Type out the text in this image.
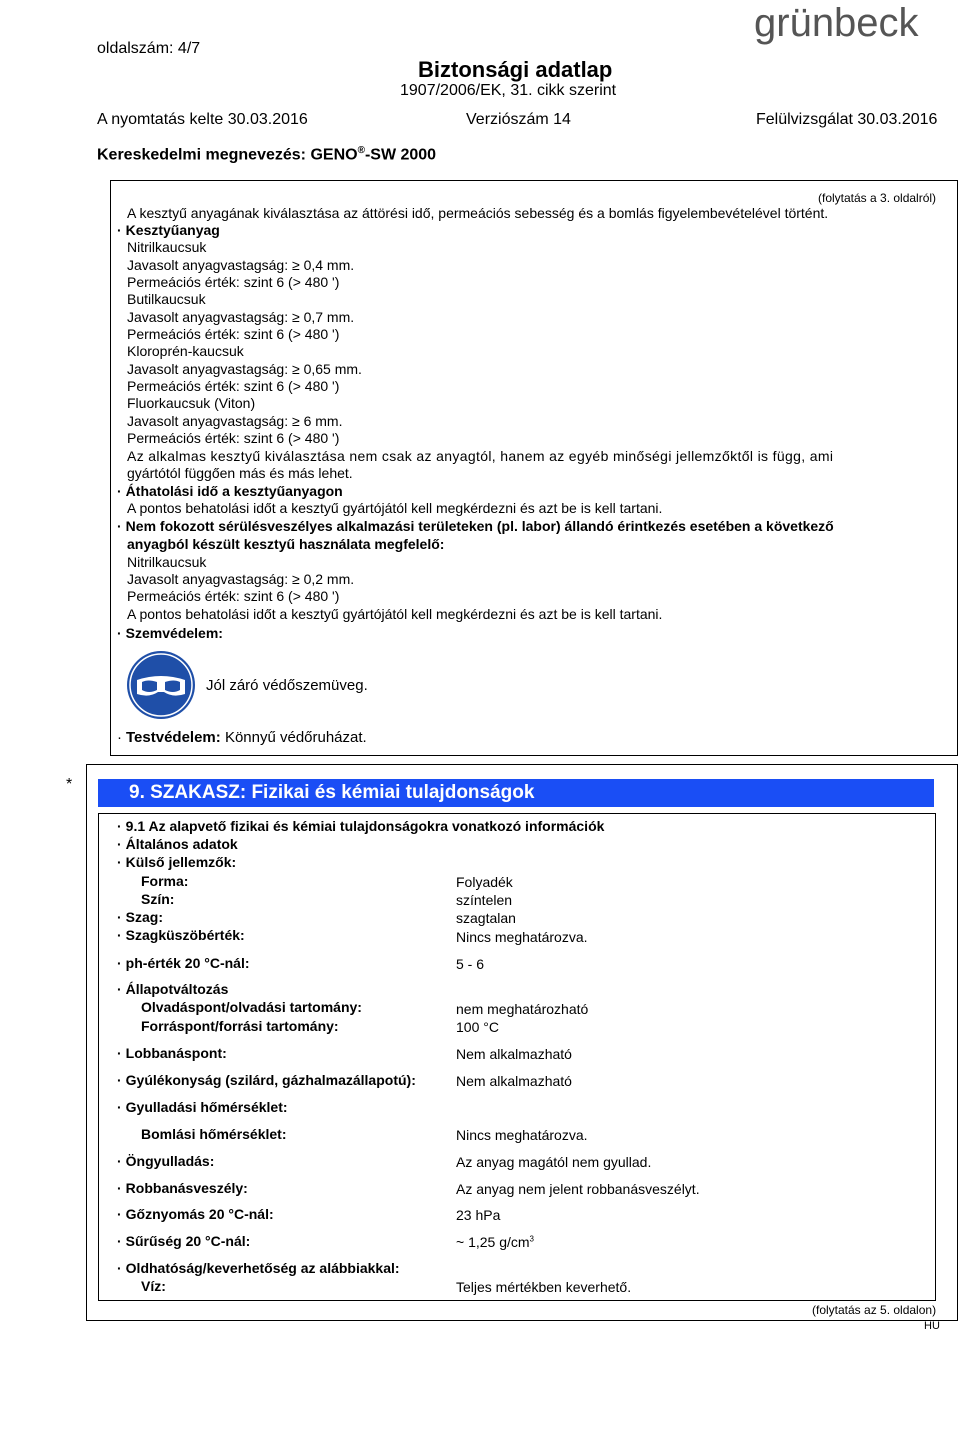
oldalszám: 4/7
Biztonsági adatlap
1907/2006/EK, 31. cikk szerint
A nyomtatás kelte 30.03.2016	Verziószám 14	Felülvizsgálat 30.03.2016
Kereskedelmi megnevezés: GENO®-SW 2000
grünbeck
(folytatás a 3. oldalról)
A kesztyű anyagának kiválasztása az áttörési idő, permeációs sebesség és a bomlás figyelembevételével történt.
· Kesztyűanyag
Nitrilkaucsuk
Javasolt anyagvastagság: ≥ 0,4 mm.
Permeációs érték: szint 6 (> 480 ')
Butilkaucsuk
Javasolt anyagvastagság: ≥ 0,7 mm.
Permeációs érték: szint 6 (> 480 ')
Kloroprén-kaucsuk
Javasolt anyagvastagság: ≥ 0,65 mm.
Permeációs érték: szint 6 (> 480 ')
Fluorkaucsuk (Viton)
Javasolt anyagvastagság: ≥ 6 mm.
Permeációs érték: szint 6 (> 480 ')
Az alkalmas kesztyű kiválasztása nem csak az anyagtól, hanem az egyéb minőségi jellemzőktől is függ, ami
gyártótól függően más és más lehet.
· Áthatolási idő a kesztyűanyagon
A pontos behatolási időt a kesztyű gyártójától kell megkérdezni és azt be is kell tartani.
· Nem fokozott sérülésveszélyes alkalmazási területeken (pl. labor) állandó érintkezés esetében a következő
anyagból készült kesztyű használata megfelelő:
Nitrilkaucsuk
Javasolt anyagvastagság: ≥ 0,2 mm.
Permeációs érték: szint 6 (> 480 ')
A pontos behatolási időt a kesztyű gyártójától kell megkérdezni és azt be is kell tartani.
· Szemvédelem:
Jól záró védőszemüveg.
· Testvédelem: Könnyű védőruházat.
*	9. SZAKASZ: Fizikai és kémiai tulajdonságok
· 9.1 Az alapvető fizikai és kémiai tulajdonságokra vonatkozó információk
· Általános adatok
· Külső jellemzők:
Forma:	Folyadék
Szín:	színtelen
· Szag:	szagtalan
· Szagküszöbérték:	Nincs meghatározva.
· ph-érték 20 °C-nál:	5 - 6
· Állapotváltozás
Olvadáspont/olvadási tartomány:	nem meghatározható
Forráspont/forrási tartomány:	100 °C
· Lobbanáspont:	Nem alkalmazható
· Gyúlékonyság (szilárd, gázhalmazállapotú):	Nem alkalmazható
· Gyulladási hőmérséklet:
Bomlási hőmérséklet:	Nincs meghatározva.
· Öngyulladás:	Az anyag magától nem gyullad.
· Robbanásveszély:	Az anyag nem jelent robbanásveszélyt.
· Gőznyomás 20 °C-nál:	23 hPa
· Sűrűség 20 °C-nál:	~ 1,25 $g/cm^3$
· Oldhatóság/keverhetőség az alábbiakkal:
Víz:	Teljes mértékben keverhető.
(folytatás az 5. oldalon)
HU
